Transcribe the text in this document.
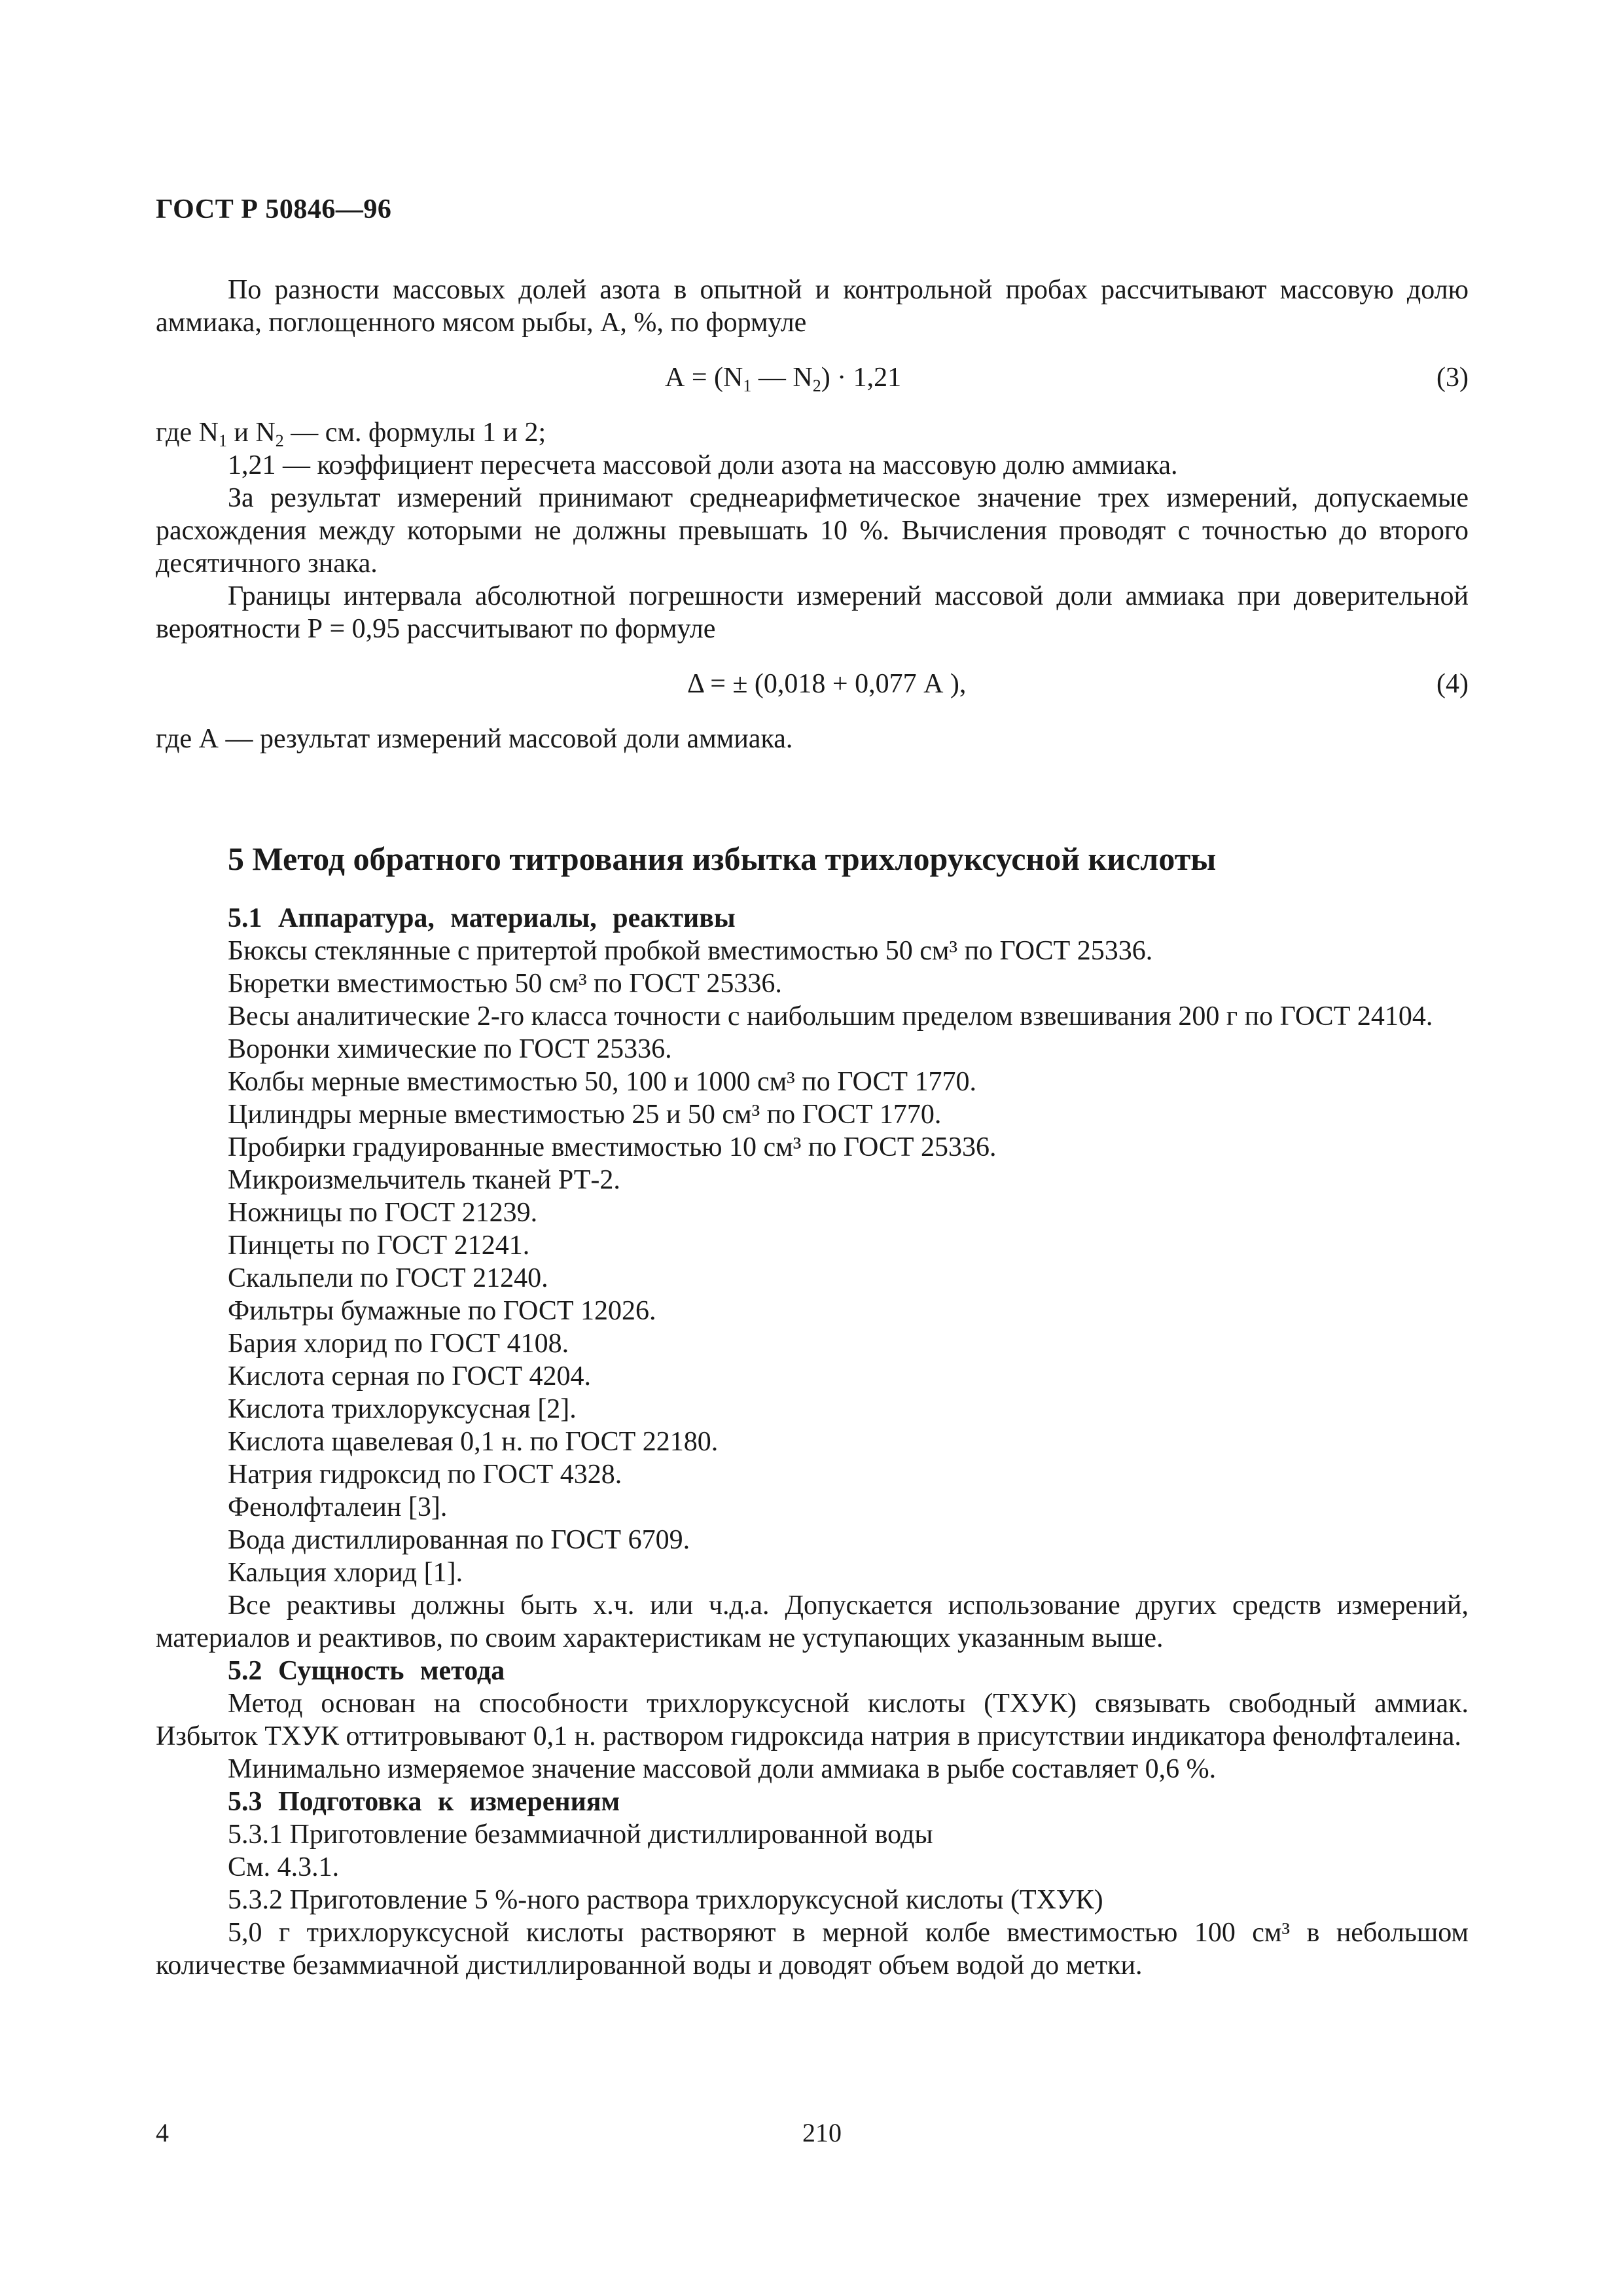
ГОСТ Р 50846—96

По разности массовых долей азота в опытной и контрольной пробах рассчитывают массовую долю аммиака, поглощенного мясом рыбы, А, %, по формуле

$А = (N_1$ — $N_2) \cdot 1,21$	(3)

где $N_1$ и $N_2$ — см. формулы 1 и 2;

1,21 — коэффициент пересчета массовой доли азота на массовую долю аммиака.

За результат измерений принимают среднеарифметическое значение трех измерений, допускаемые расхождения между которыми не должны превышать 10 %. Вычисления проводят с точностью до второго десятичного знака.

Границы интервала абсолютной погрешности измерений массовой доли аммиака при доверительной вероятности Р = 0,95 рассчитывают по формуле

Δ = ± (0,018 + 0,077 А ),	(4)

где А — результат измерений массовой доли аммиака.

5 Метод обратного титрования избытка трихлоруксусной кислоты
5.1 Аппаратура, материалы, реактивы
Бюксы стеклянные с притертой пробкой вместимостью 50 см³ по ГОСТ 25336.
Бюретки вместимостью 50 см³ по ГОСТ 25336.
Весы аналитические 2-го класса точности с наибольшим пределом взвешивания 200 г по ГОСТ 24104.
Воронки химические по ГОСТ 25336.
Колбы мерные вместимостью 50, 100 и 1000 см³ по ГОСТ 1770.
Цилиндры мерные вместимостью 25 и 50 см³ по ГОСТ 1770.
Пробирки градуированные вместимостью 10 см³ по ГОСТ 25336.
Микроизмельчитель тканей РТ-2.
Ножницы по ГОСТ 21239.
Пинцеты по ГОСТ 21241.
Скальпели по ГОСТ 21240.
Фильтры бумажные по ГОСТ 12026.
Бария хлорид по ГОСТ 4108.
Кислота серная по ГОСТ 4204.
Кислота трихлоруксусная [2].
Кислота щавелевая 0,1 н. по ГОСТ 22180.
Натрия гидроксид по ГОСТ 4328.
Фенолфталеин [3].
Вода дистиллированная по ГОСТ 6709.
Кальция хлорид [1].
Все реактивы должны быть х.ч. или ч.д.а. Допускается использование других средств измерений, материалов и реактивов, по своим характеристикам не уступающих указанным выше.
5.2 Сущность метода

Метод основан на способности трихлоруксусной кислоты (ТХУК) связывать свободный аммиак. Избыток ТХУК оттитровывают 0,1 н. раствором гидроксида натрия в присутствии индикатора фенолфталеина.

Минимально измеряемое значение массовой доли аммиака в рыбе составляет 0,6 %.

5.3 Подготовка к измерениям

5.3.1 Приготовление безаммиачной дистиллированной воды

См. 4.3.1.

5.3.2 Приготовление 5 %-ного раствора трихлоруксусной кислоты (ТХУК)

5,0 г трихлоруксусной кислоты растворяют в мерной колбе вместимостью 100 см³ в небольшом количестве безаммиачной дистиллированной воды и доводят объем водой до метки.

4	210
